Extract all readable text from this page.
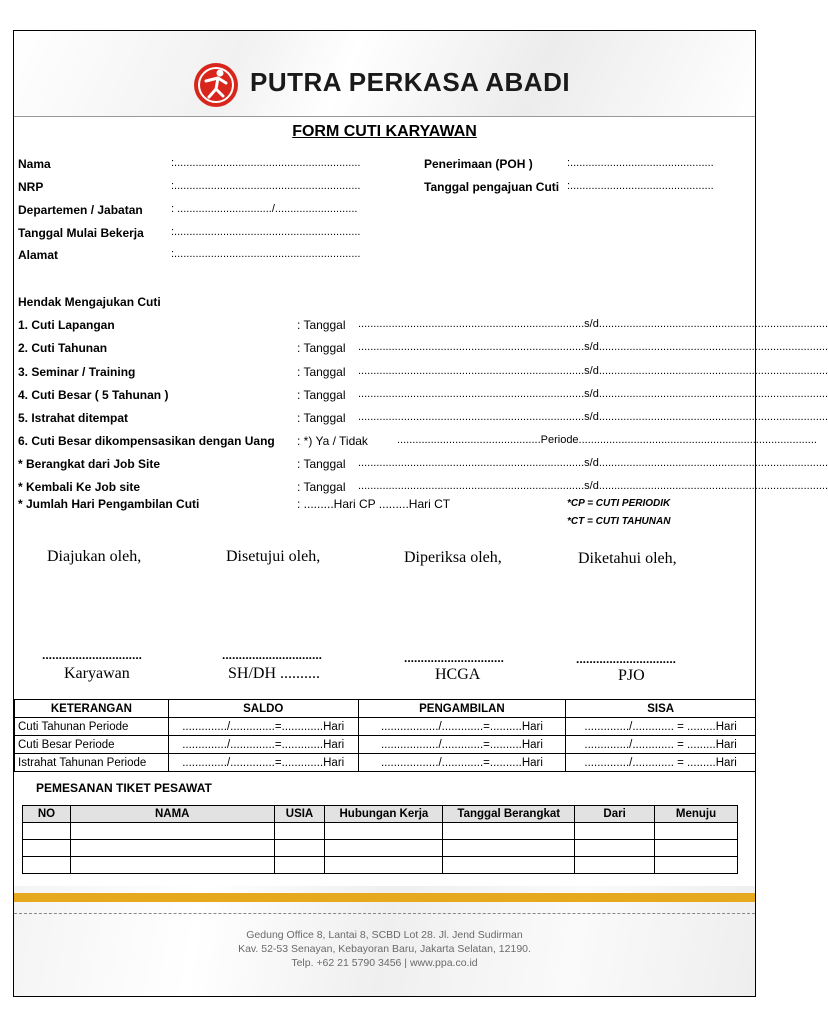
PUTRA PERKASA ABADI
FORM CUTI KARYAWAN
Nama	:.............................................................
NRP	:.............................................................
Departemen / Jabatan	: .............................../...........................
Tanggal Mulai Bekerja :.............................................................
Alamat	:.............................................................
Penerimaan (POH )	:...............................................
Tanggal pengajuan Cuti :...............................................
Hendak Mengajukan Cuti
1. Cuti Lapangan	: Tanggal ..........................................................................s/d...........................................................................
2. Cuti Tahunan	: Tanggal ..........................................................................s/d...........................................................................
3. Seminar / Training	: Tanggal ..........................................................................s/d...........................................................................
4. Cuti Besar ( 5 Tahunan )	: Tanggal ..........................................................................s/d...........................................................................
5. Istrahat ditempat	: Tanggal ..........................................................................s/d...........................................................................
6. Cuti Besar dikompensasikan dengan Uang : *) Ya / Tidak	...............................................Periode..............................................................................
* Berangkat dari Job Site	: Tanggal ..........................................................................s/d...........................................................................
* Kembali Ke Job site	: Tanggal ..........................................................................s/d...........................................................................
* Jumlah Hari Pengambilan Cuti	: .........Hari CP .........Hari CT	*CP = CUTI PERIODIK
*CT = CUTI TAHUNAN
Diajukan oleh,	Disetujui oleh,	Diperiksa oleh,	Diketahui oleh,
..............................	..............................	..............................	..............................
Karyawan	SH/DH ..........	HCGA	PJO
KETERANGAN	SALDO	PENGAMBILAN	SISA
Cuti Tahunan Periode	............../..............=.............Hari	................../.............=..........Hari	............../............. = .........Hari
Cuti Besar Periode	............../..............=.............Hari	................../.............=..........Hari	............../............. = .........Hari
Istrahat Tahunan Periode	............../..............=.............Hari	................../.............=..........Hari	............../............. = .........Hari
PEMESANAN TIKET PESAWAT
NO	NAMA	USIA	Hubungan Kerja	Tanggal Berangkat	Dari	Menuju

Gedung Office 8, Lantai 8, SCBD Lot 28. Jl. Jend Sudirman
Kav. 52-53 Senayan, Kebayoran Baru, Jakarta Selatan, 12190.
Telp. +62 21 5790 3456 | www.ppa.co.id
